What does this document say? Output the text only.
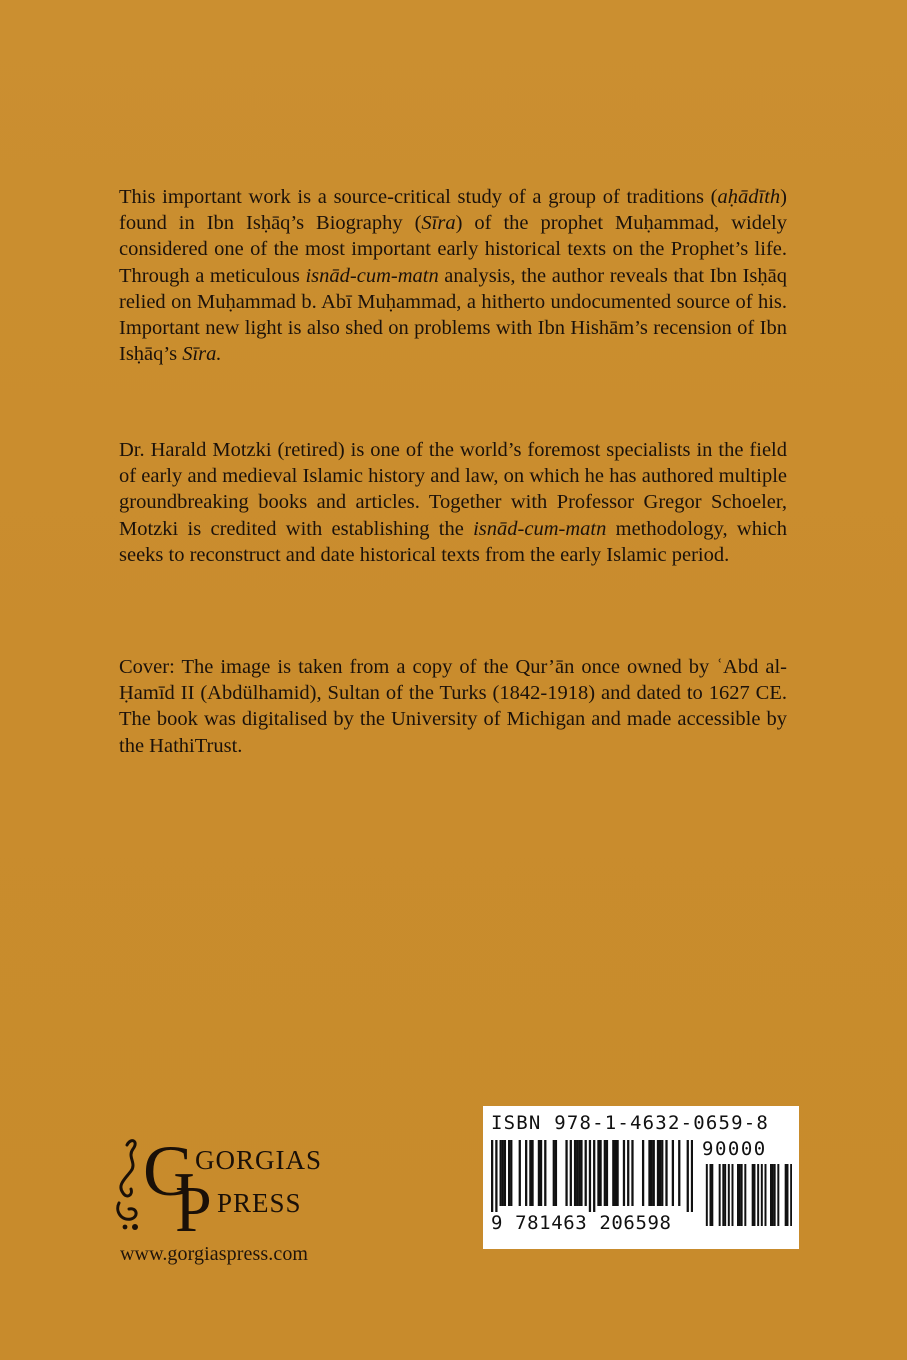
This important work is a source-critical study of a group of traditions (aḥādīth) found in Ibn Isḥāq’s Biography (Sīra) of the prophet Muḥammad, widely considered one of the most important early historical texts on the Prophet’s life. Through a meticulous isnād-cum-matn analysis, the author reveals that Ibn Isḥāq relied on Muḥammad b. Abī Muḥammad, a hitherto undocumented source of his. Important new light is also shed on problems with Ibn Hishām’s recension of Ibn Isḥāq’s Sīra.

Dr. Harald Motzki (retired) is one of the world’s foremost specialists in the field of early and medieval Islamic history and law, on which he has authored multiple groundbreaking books and articles. Together with Professor Gregor Schoeler, Motzki is credited with establishing the isnād-cum-matn methodology, which seeks to reconstruct and date historical texts from the early Islamic period.

Cover: The image is taken from a copy of the Qur’ān once owned by ʿAbd al-Ḥamīd II (Abdülhamid), Sultan of the Turks (1842-1918) and dated to 1627 CE. The book was digitalised by the University of Michigan and made accessible by the HathiTrust.

G
P
GORGIAS
PRESS
www.gorgiaspress.com
ISBN 978-1-4632-0659-8
90000
9 781463 206598
